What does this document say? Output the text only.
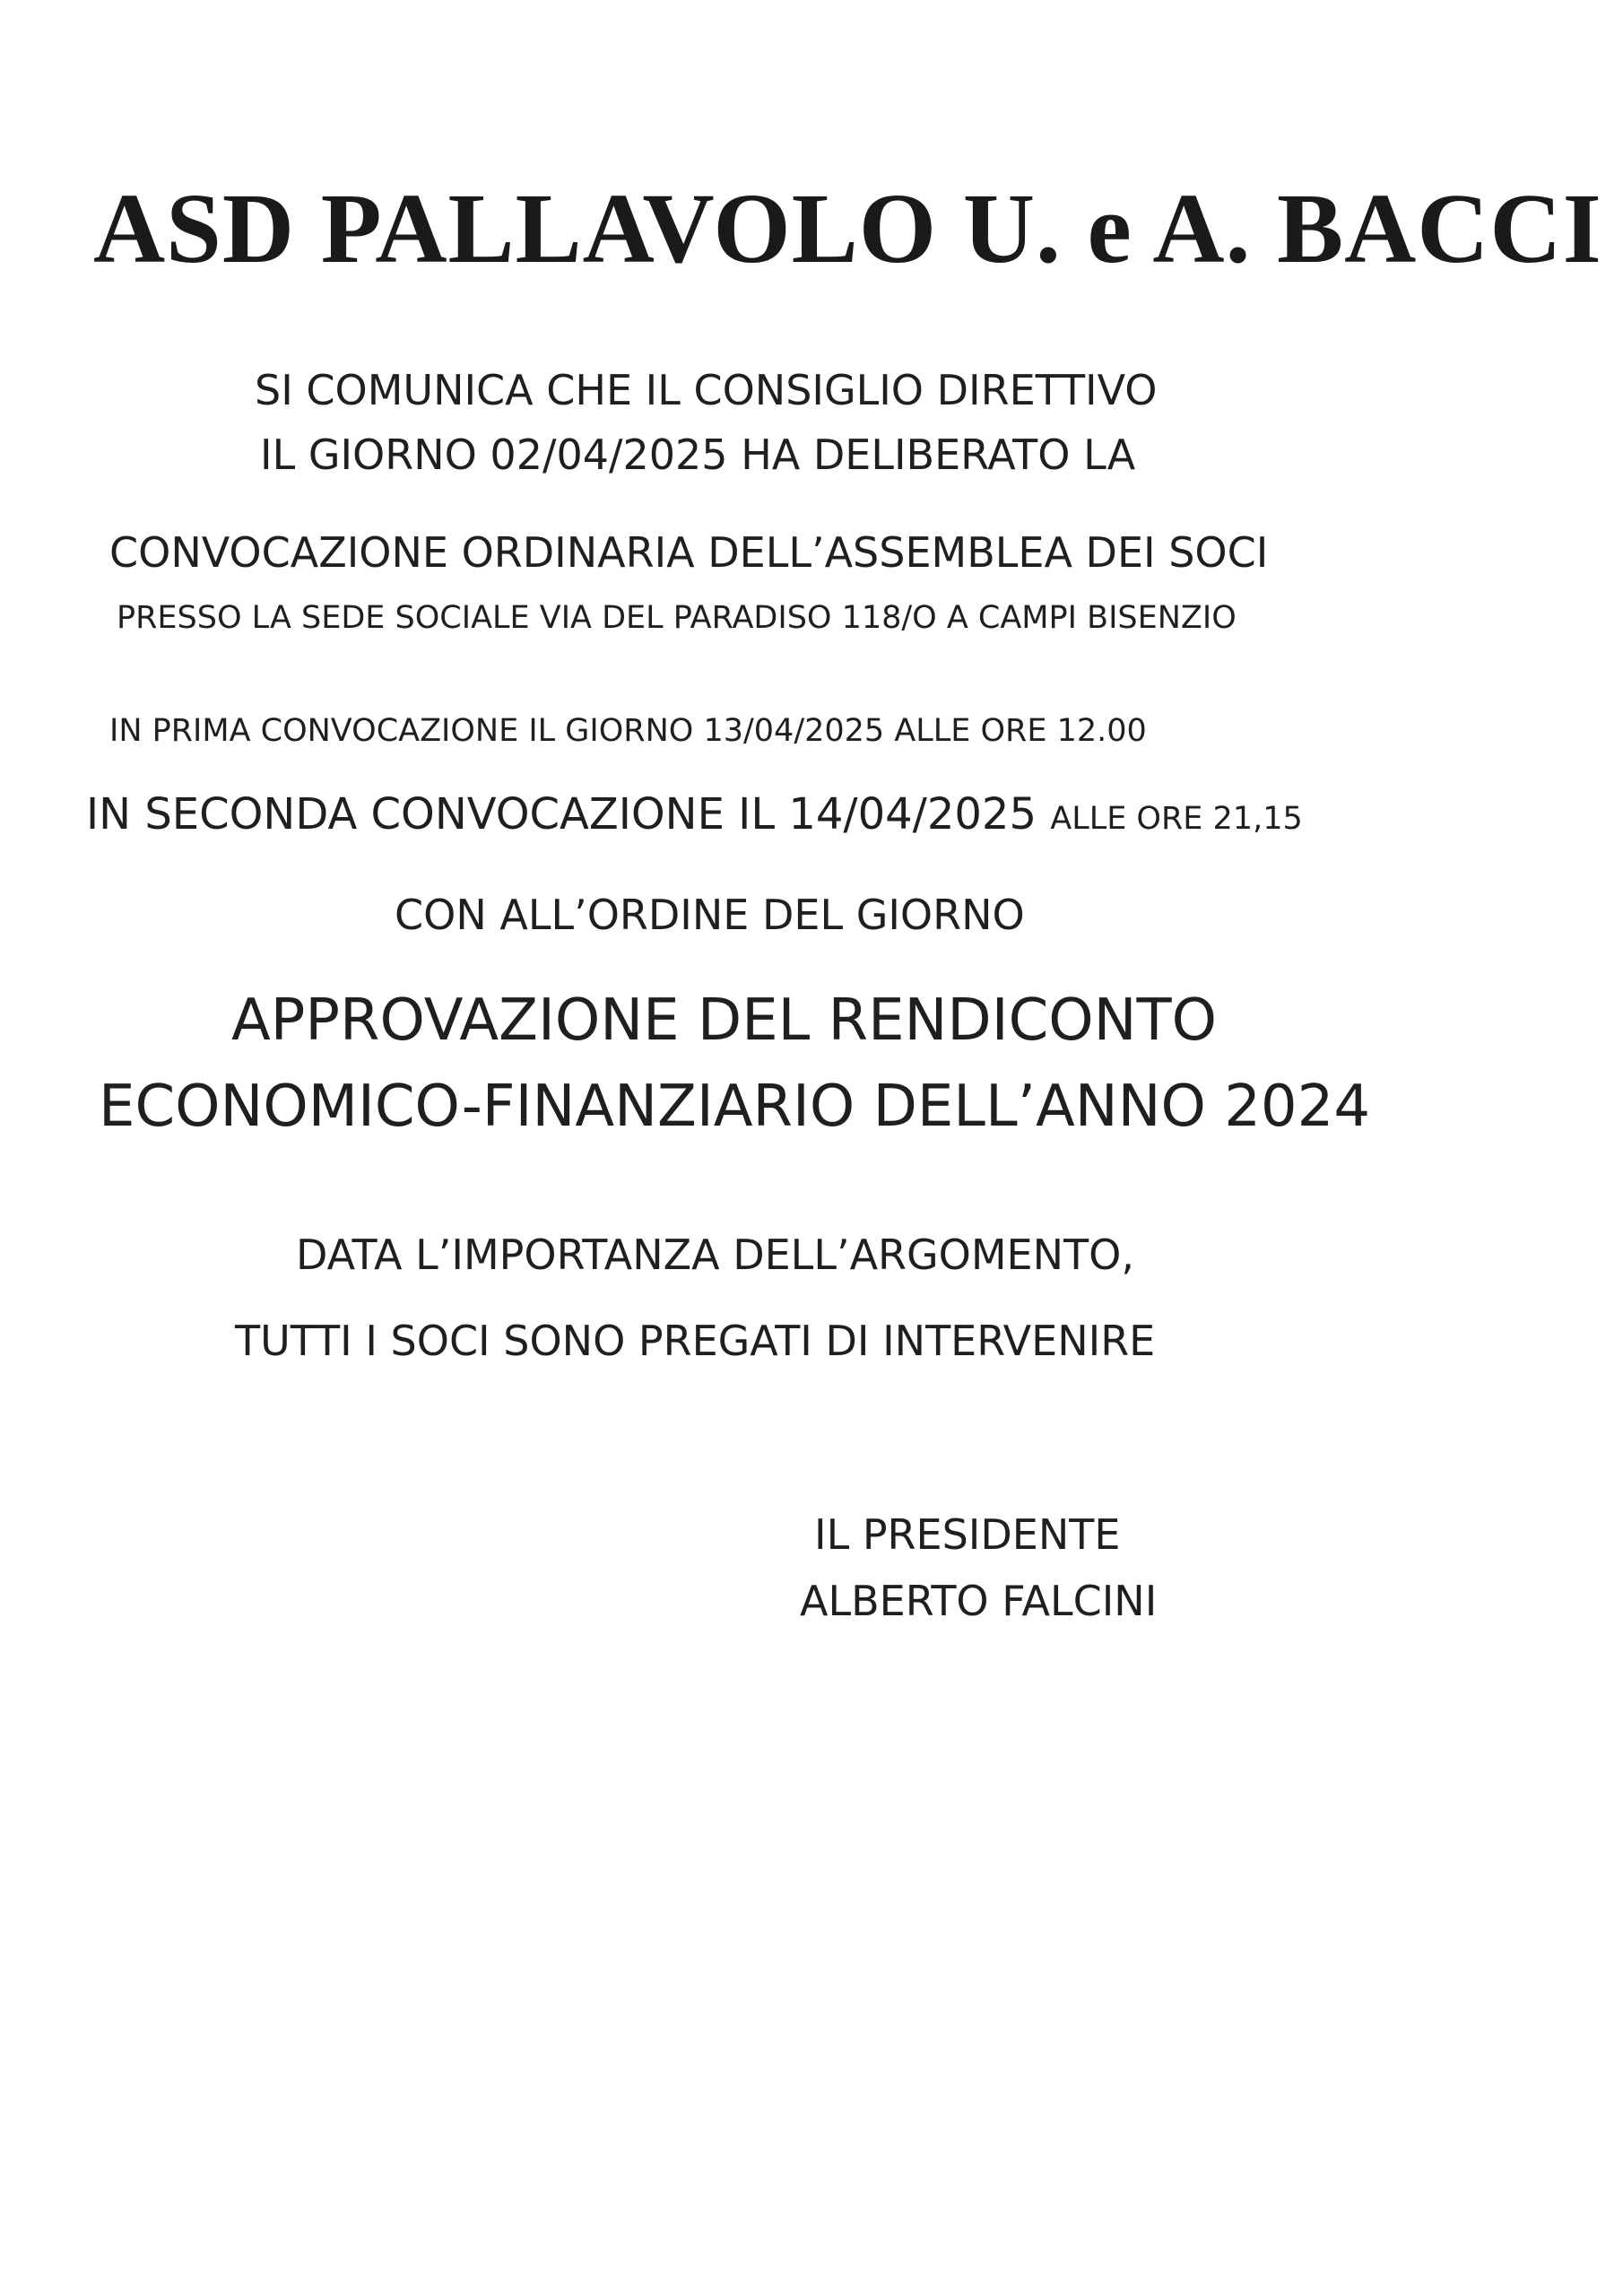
ASD PALLAVOLO U. e A. BACCI

SI COMUNICA CHE IL CONSIGLIO DIRETTIVO

IL GIORNO 02/04/2025 HA DELIBERATO LA

CONVOCAZIONE ORDINARIA DELL’ASSEMBLEA DEI SOCI

PRESSO LA SEDE SOCIALE VIA DEL PARADISO 118/O A CAMPI BISENZIO

IN PRIMA CONVOCAZIONE IL GIORNO 13/04/2025 ALLE ORE 12.00

IN SECONDA CONVOCAZIONE IL 14/04/2025 ALLE ORE 21,15

CON ALL’ORDINE DEL GIORNO

APPROVAZIONE DEL RENDICONTO

ECONOMICO-FINANZIARIO DELL’ANNO 2024

DATA L’IMPORTANZA DELL’ARGOMENTO,

TUTTI I SOCI SONO PREGATI DI INTERVENIRE

IL PRESIDENTE

ALBERTO FALCINI
